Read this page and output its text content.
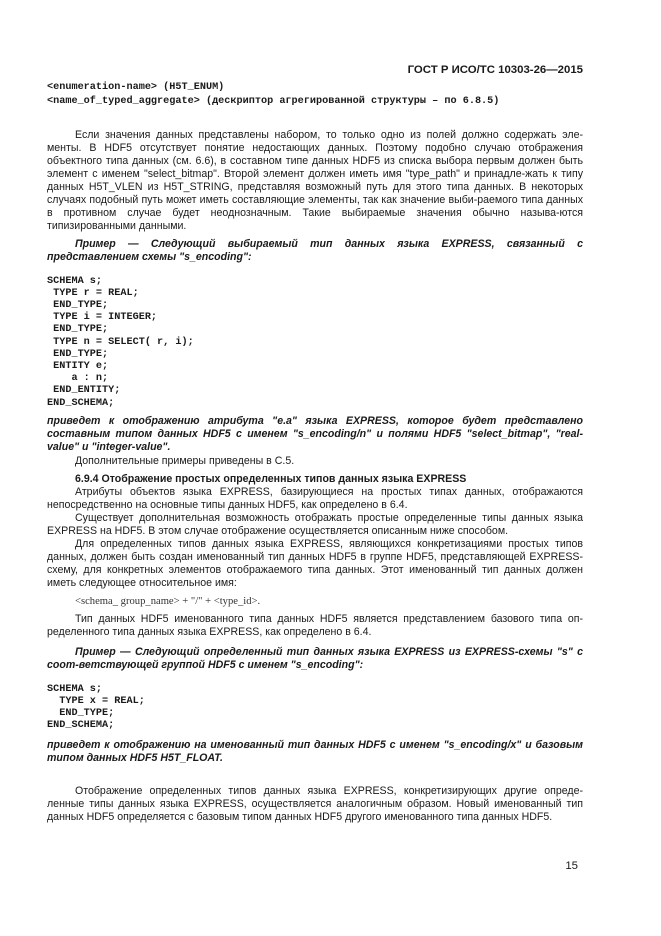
ГОСТ Р ИСО/ТС 10303-26—2015
<enumeration-name> (H5T_ENUM)
<name_of_typed_aggregate> (дескриптор агрегированной структуры – по 6.8.5)

Если значения данных представлены набором, то только одно из полей должно содержать эле-менты. В HDF5 отсутствует понятие недостающих данных. Поэтому подобно случаю отображения объектного типа данных (см. 6.6), в составном типе данных HDF5 из списка выбора первым должен быть элемент с именем "select_bitmap". Второй элемент должен иметь имя "type_path" и принадле-жать к типу данных H5T_VLEN из H5T_STRING, представляя возможный путь для этого типа данных. В некоторых случаях подобный путь может иметь составляющие элементы, так как значение выби-раемого типа данных в противном случае будет неоднозначным. Такие выбираемые значения обычно называ-ются типизированными данными.

Пример — Следующий выбираемый тип данных языка EXPRESS, связанный с представлением схемы "s_encoding":

SCHEMA s;
TYPE r = REAL;
END_TYPE;
TYPE i = INTEGER;
END_TYPE;
TYPE n = SELECT( r, i);
END_TYPE;
ENTITY e;
a : n;
END_ENTITY;
END_SCHEMA;

приведет к отображению атрибута "e.a" языка EXPRESS, которое будет представлено составным типом данных HDF5 с именем "s_encoding/n" и полями HDF5 "select_bitmap", "real-value" и "integer-value".

Дополнительные примеры приведены в C.5.

6.9.4 Отображение простых определенных типов данных языка EXPRESS

Атрибуты объектов языка EXPRESS, базирующиеся на простых типах данных, отображаются непосредственно на основные типы данных HDF5, как определено в 6.4.

Существует дополнительная возможность отображать простые определенные типы данных языка EXPRESS на HDF5. В этом случае отображение осуществляется описанным ниже способом.

Для определенных типов данных языка EXPRESS, являющихся конкретизациями простых типов данных, должен быть создан именованный тип данных HDF5 в группе HDF5, представляющей EXPRESS-схему, для конкретных элементов отображаемого типа данных. Этот именованный тип данных должен иметь следующее относительное имя:

<schema_ group_name> + "/" + <type_id>.

Тип данных HDF5 именованного типа данных HDF5 является представлением базового типа оп-ределенного типа данных языка EXPRESS, как определено в 6.4.

Пример — Следующий определенный тип данных языка EXPRESS из EXPRESS-схемы "s" с соот-ветствующей группой HDF5 с именем "s_encoding":

SCHEMA s;
TYPE x = REAL;
END_TYPE;
END_SCHEMA;

приведет к отображению на именованный тип данных HDF5 с именем "s_encoding/x" и базовым типом данных HDF5 H5T_FLOAT.

Отображение определенных типов данных языка EXPRESS, конкретизирующих другие опреде-ленные типы данных языка EXPRESS, осуществляется аналогичным образом. Новый именованный тип данных HDF5 определяется с базовым типом данных HDF5 другого именованного типа данных HDF5.

15
